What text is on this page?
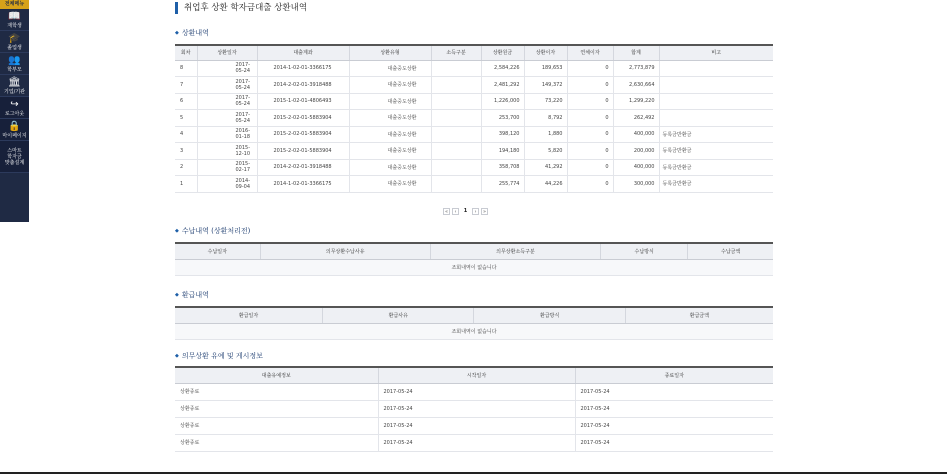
전체메뉴
📖
재학생
🎓
졸업생
👥
학부모
🏛
기업/기관
↪
로그아웃
🔒
마이페이지
스마트
학자금
맞춤설계
취업후 상환 학자금대출 상환내역
◆ 상환내역
회차	상환일자	대출계좌	상환유형	소득구분	상환원금	상환이자	연체이자	합계	비고
8	2017-05-24	2014-1-02-01-3366175	대출중도상환		2,584,226	189,653	0	2,773,879	
7	2017-05-24	2014-2-02-01-3918488	대출중도상환		2,481,292	149,372	0	2,630,664	
6	2017-05-24	2015-1-02-01-4806493	대출중도상환		1,226,000	73,220	0	1,299,220	
5	2017-05-24	2015-2-02-01-5883904	대출중도상환		253,700	8,792	0	262,492	
4	2016-01-18	2015-2-02-01-5883904	대출중도상환		398,120	1,880	0	400,000	등록금반환금
3	2015-12-10	2015-2-02-01-5883904	대출중도상환		194,180	5,820	0	200,000	등록금반환금
2	2015-02-17	2014-2-02-01-3918488	대출중도상환		358,708	41,292	0	400,000	등록금반환금
1	2014-09-04	2014-1-02-01-3366175	대출중도상환		255,774	44,226	0	300,000	등록금반환금
«	‹	1	›	»
◆ 수납내역 (상환처리전)
수납일자	의무상환수납사유	의무상환소득구분	수납방식	수납금액
조회내역이 없습니다
◆ 환급내역
환급일자	환급사유	환급방식	환급금액
조회내역이 없습니다
◆ 의무상환 유예 및 게시정보
대출유예정보	시작일자	종료일자
상환종료	2017-05-24	2017-05-24
상환종료	2017-05-24	2017-05-24
상환종료	2017-05-24	2017-05-24
상환종료	2017-05-24	2017-05-24
